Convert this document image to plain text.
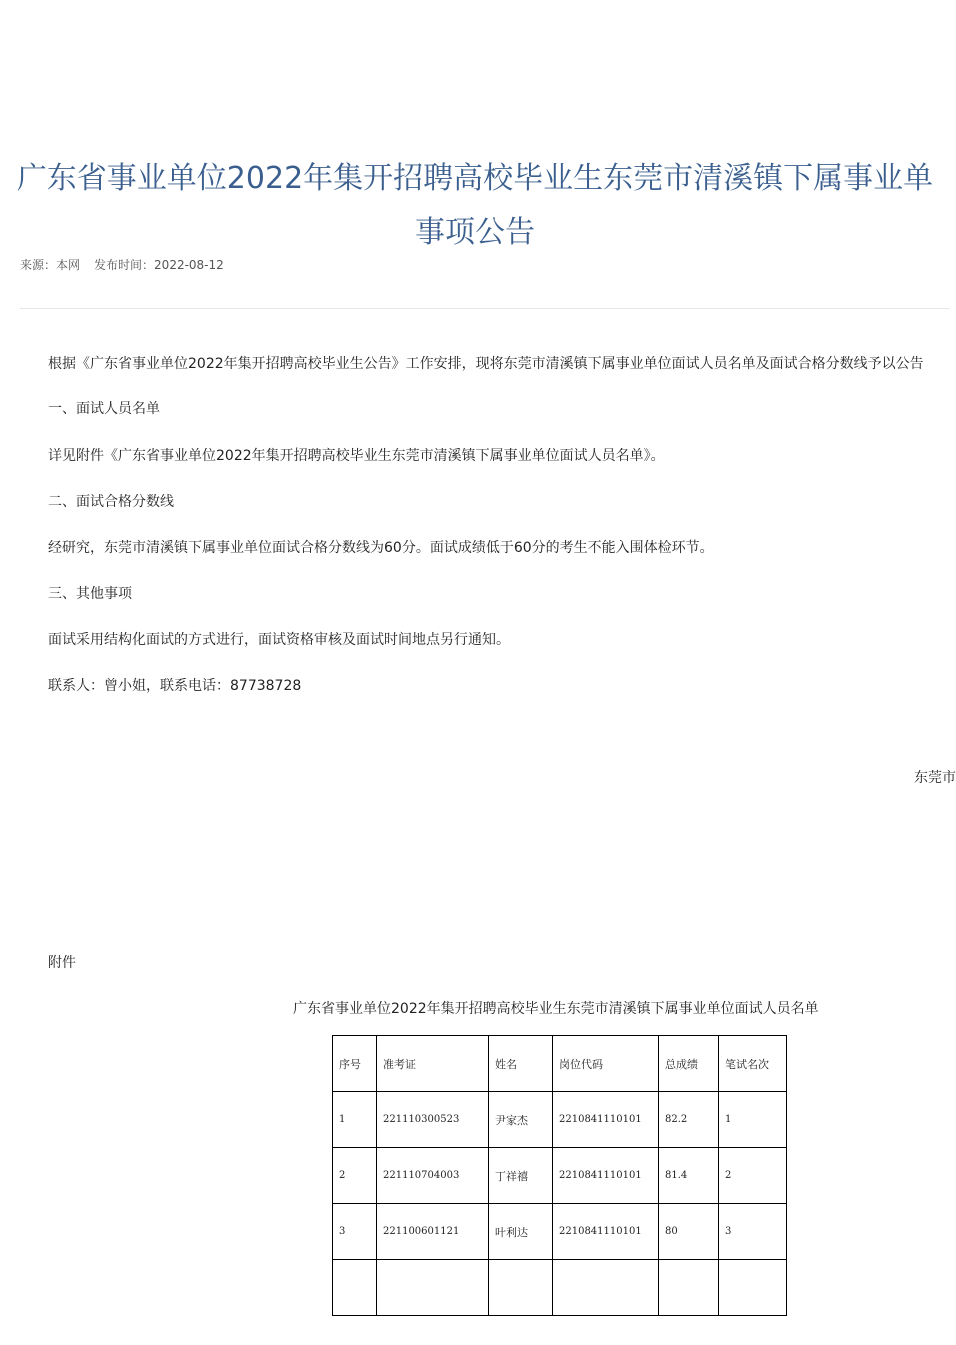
广东省事业单位2022年集开招聘高校毕业生东莞市清溪镇下属事业单
事项公告
来源：本网 发布时间：2022-08-12
根据《广东省事业单位2022年集开招聘高校毕业生公告》工作安排，现将东莞市清溪镇下属事业单位面试人员名单及面试合格分数线予以公告
一、面试人员名单
详见附件《广东省事业单位2022年集开招聘高校毕业生东莞市清溪镇下属事业单位面试人员名单》。
二、面试合格分数线
经研究，东莞市清溪镇下属事业单位面试合格分数线为60分。面试成绩低于60分的考生不能入围体检环节。
三、其他事项
面试采用结构化面试的方式进行，面试资格审核及面试时间地点另行通知。
联系人：曾小姐，联系电话：87738728
东莞市
附件
广东省事业单位2022年集开招聘高校毕业生东莞市清溪镇下属事业单位面试人员名单
序号	准考证	姓名	岗位代码	总成绩	笔试名次
1	221110300523	尹家杰	2210841110101	82.2	1
2	221110704003	丁祥禧	2210841110101	81.4	2
3	221100601121	叶利达	2210841110101	80	3
